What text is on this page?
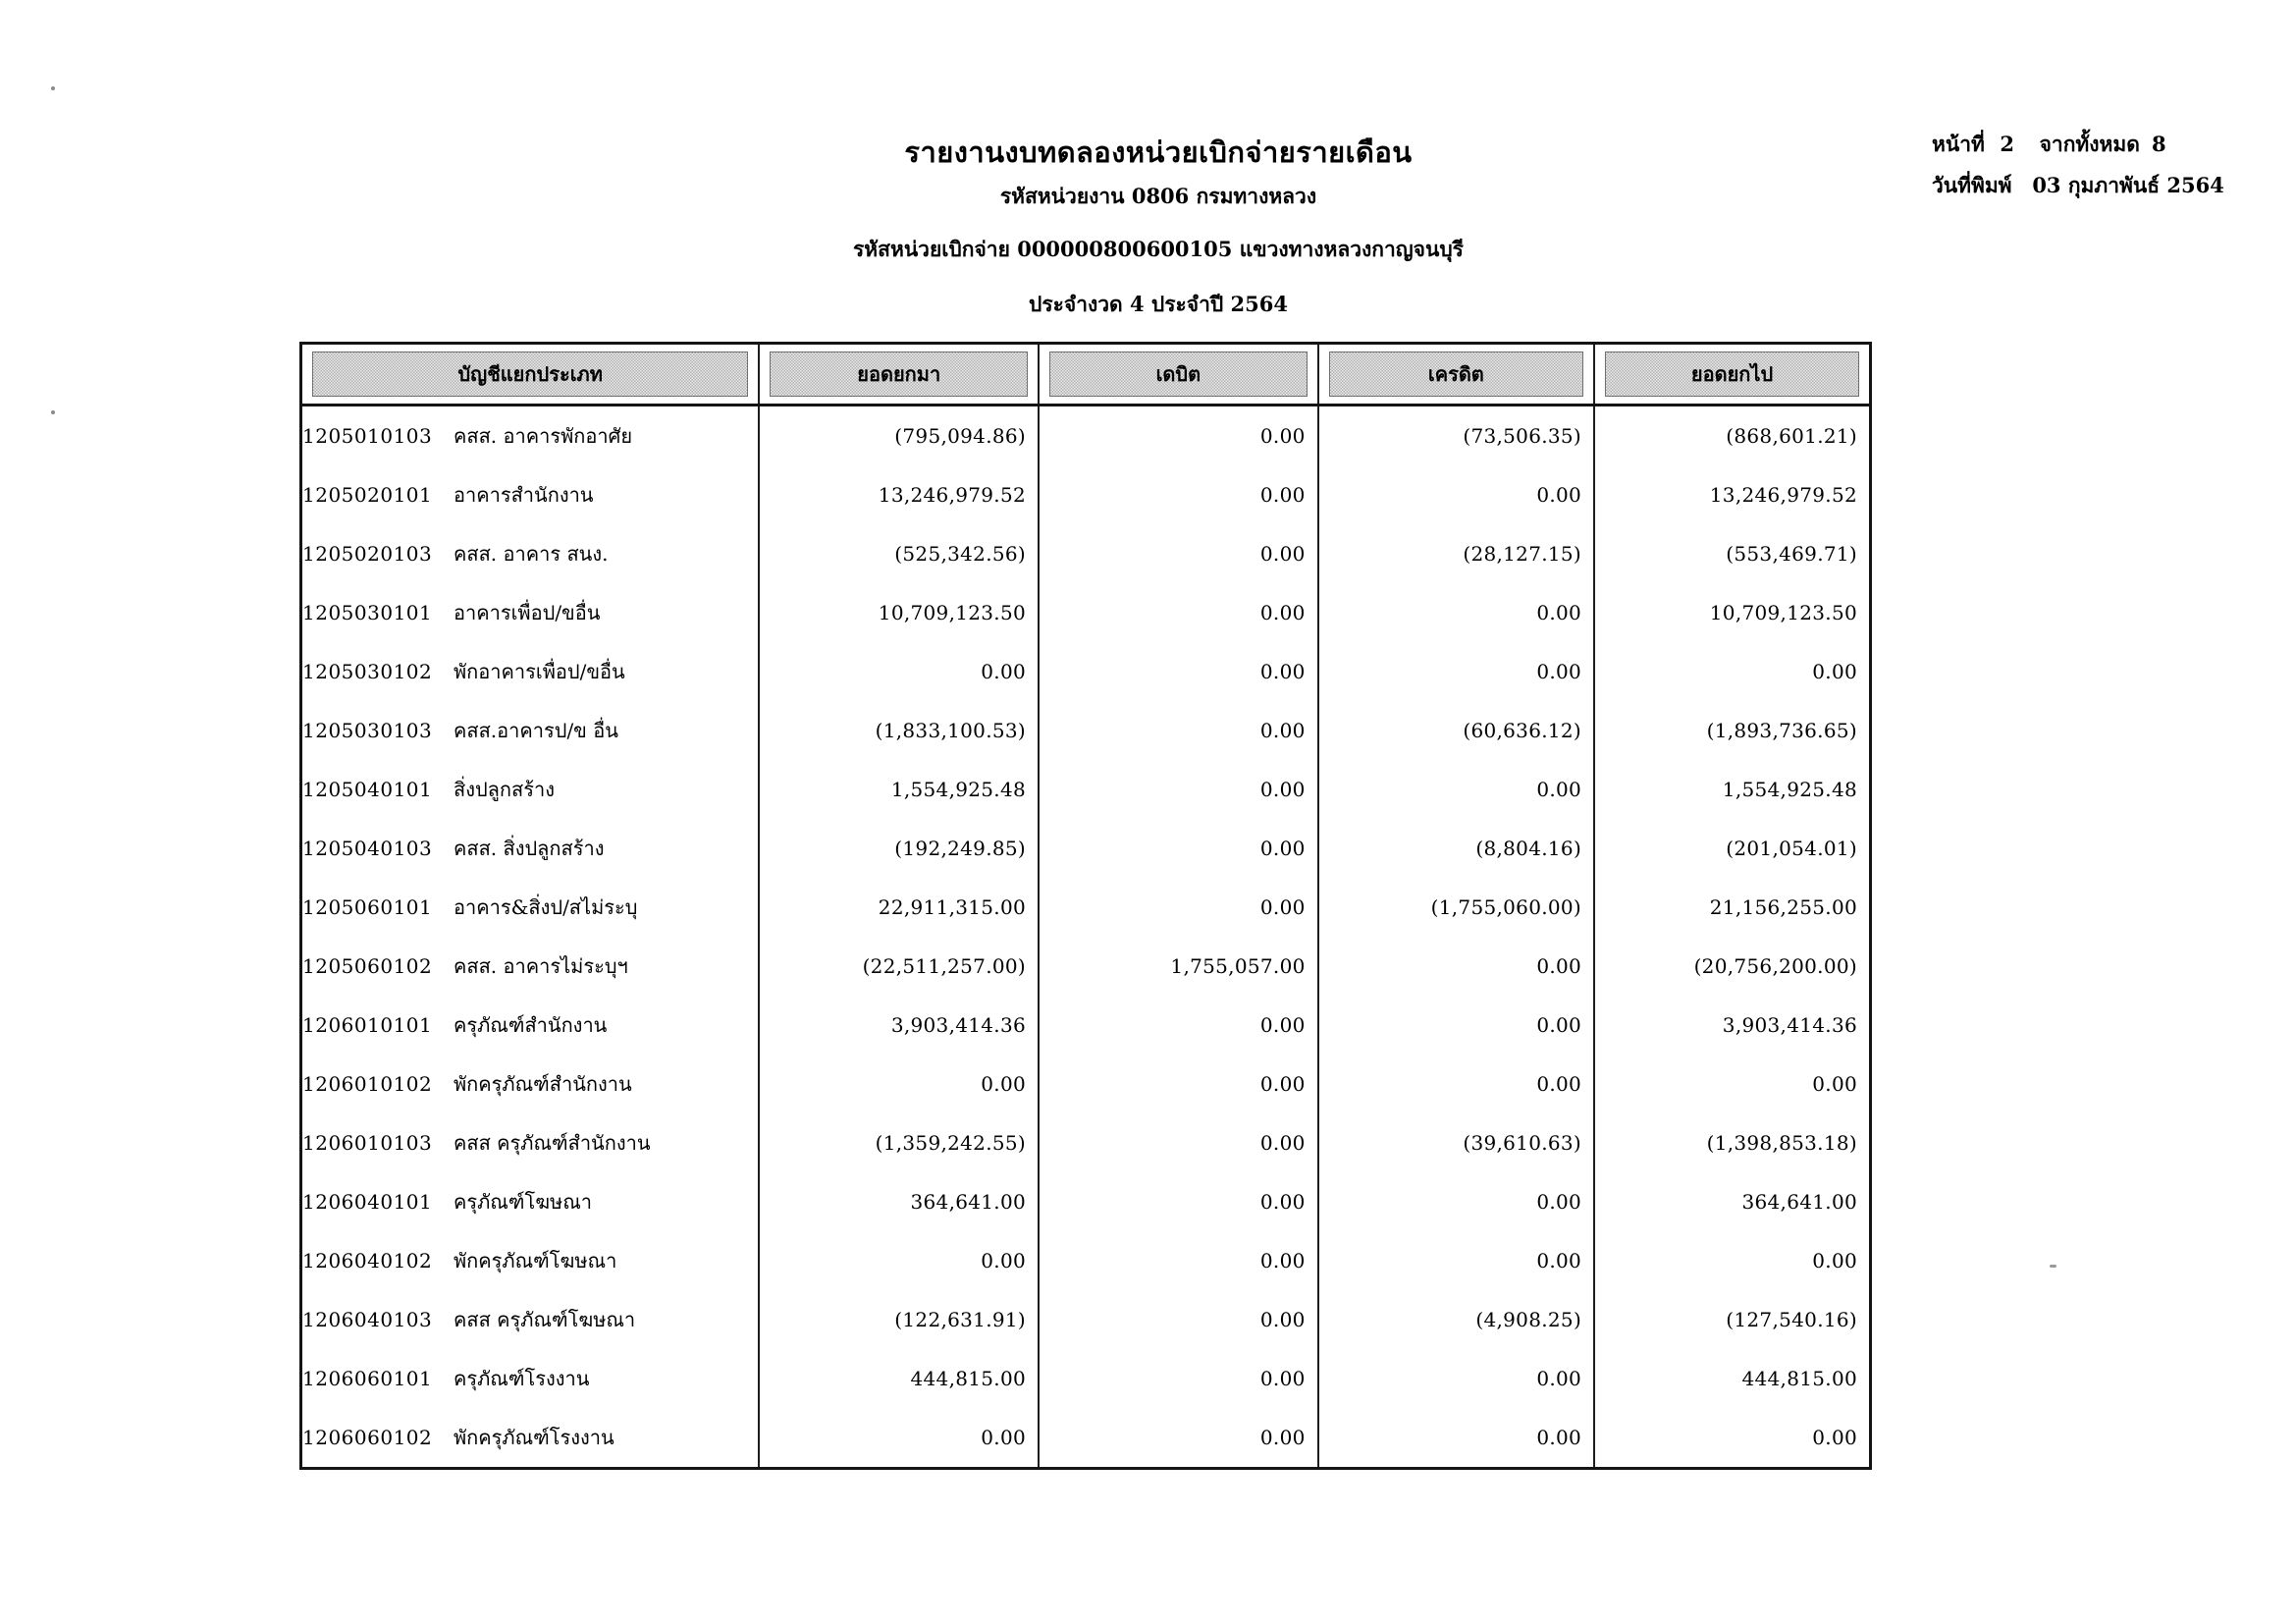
รายงานงบทดลองหน่วยเบิกจ่ายรายเดือน
รหัสหน่วยงาน 0806 กรมทางหลวง
รหัสหน่วยเบิกจ่าย 000000800600105 แขวงทางหลวงกาญจนบุรี
ประจำงวด 4 ประจำปี 2564
หน้าที่ 2 จากทั้งหมด 8
วันที่พิมพ์ 03 กุมภาพันธ์ 2564
บัญชีแยกประเภท	ยอดยกมา	เดบิต	เครดิต	ยอดยกไป

1205010103 คสส. อาคารพักอาศัย	(795,094.86)	0.00	(73,506.35)	(868,601.21)
1205020101 อาคารสำนักงาน	13,246,979.52	0.00	0.00	13,246,979.52
1205020103 คสส. อาคาร สนง.	(525,342.56)	0.00	(28,127.15)	(553,469.71)
1205030101 อาคารเพื่อป/ขอื่น	10,709,123.50	0.00	0.00	10,709,123.50
1205030102 พักอาคารเพื่อป/ขอื่น	0.00	0.00	0.00	0.00
1205030103 คสส.อาคารป/ข อื่น	(1,833,100.53)	0.00	(60,636.12)	(1,893,736.65)
1205040101 สิ่งปลูกสร้าง	1,554,925.48	0.00	0.00	1,554,925.48
1205040103 คสส. สิ่งปลูกสร้าง	(192,249.85)	0.00	(8,804.16)	(201,054.01)
1205060101 อาคาร&สิ่งป/สไม่ระบุ	22,911,315.00	0.00	(1,755,060.00)	21,156,255.00
1205060102 คสส. อาคารไม่ระบุฯ	(22,511,257.00)	1,755,057.00	0.00	(20,756,200.00)
1206010101 ครุภัณฑ์สำนักงาน	3,903,414.36	0.00	0.00	3,903,414.36
1206010102 พักครุภัณฑ์สำนักงาน	0.00	0.00	0.00	0.00
1206010103 คสส ครุภัณฑ์สำนักงาน	(1,359,242.55)	0.00	(39,610.63)	(1,398,853.18)
1206040101 ครุภัณฑ์โฆษณา	364,641.00	0.00	0.00	364,641.00
1206040102 พักครุภัณฑ์โฆษณา	0.00	0.00	0.00	0.00
1206040103 คสส ครุภัณฑ์โฆษณา	(122,631.91)	0.00	(4,908.25)	(127,540.16)
1206060101 ครุภัณฑ์โรงงาน	444,815.00	0.00	0.00	444,815.00
1206060102 พักครุภัณฑ์โรงงาน	0.00	0.00	0.00	0.00
